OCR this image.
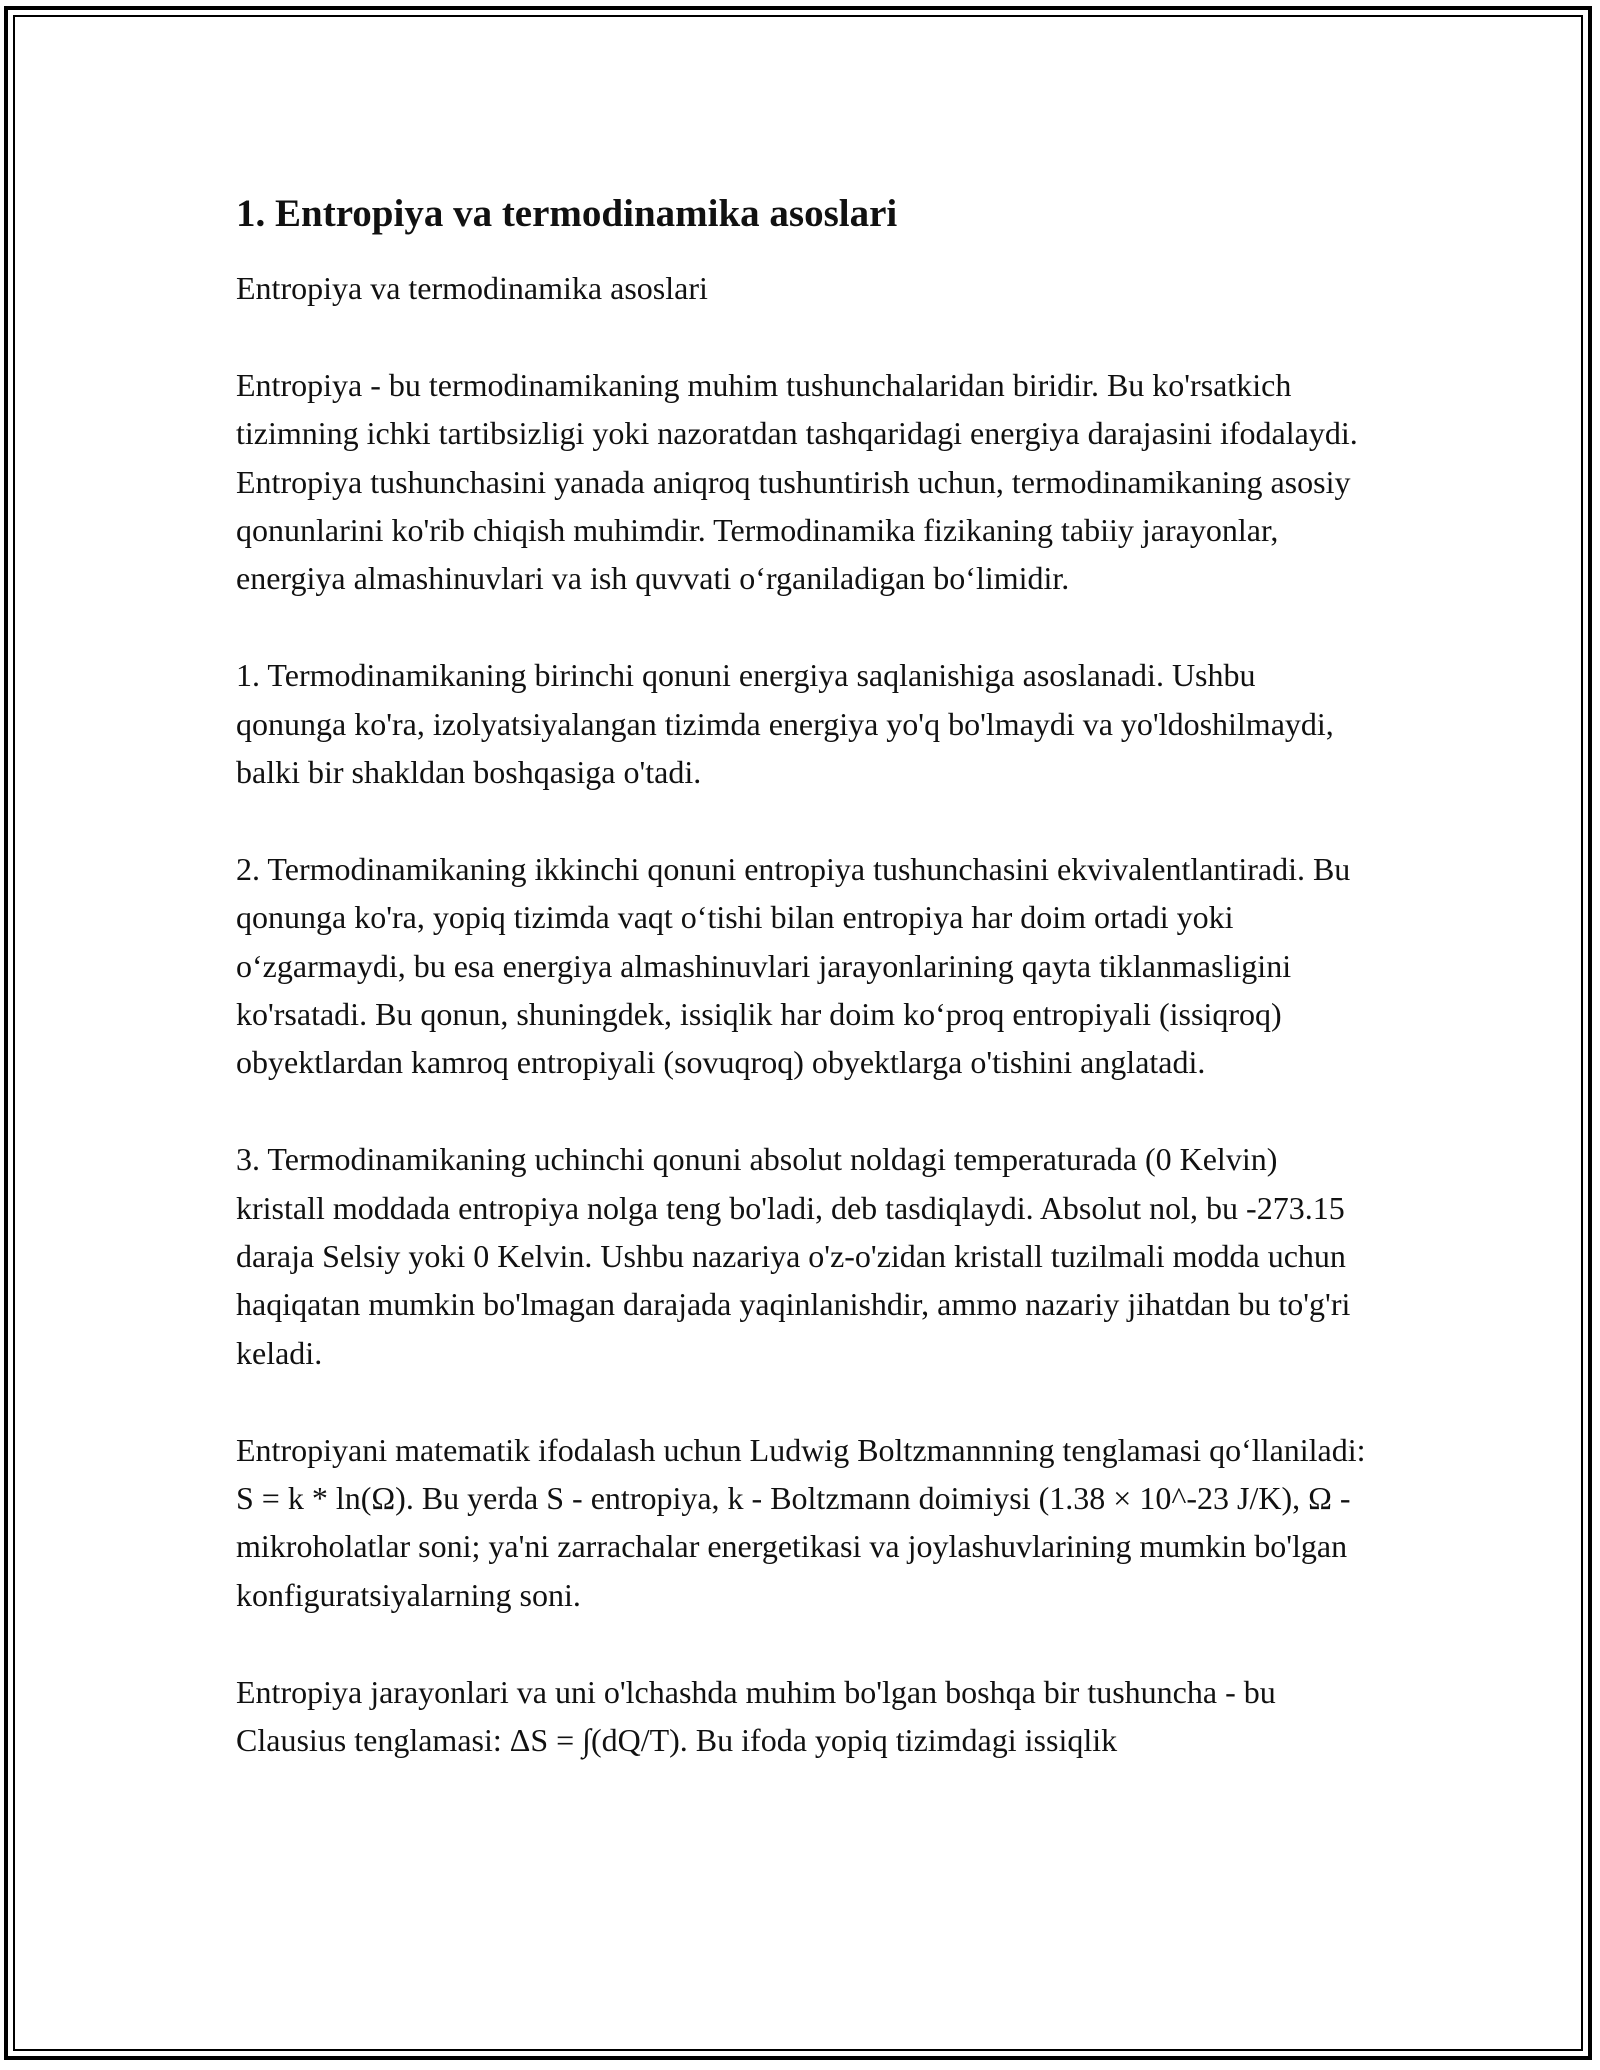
1. Entropiya va termodinamika asoslari

Entropiya va termodinamika asoslari

Entropiya - bu termodinamikaning muhim tushunchalaridan biridir. Bu ko'rsatkich tizimning ichki tartibsizligi yoki nazoratdan tashqaridagi energiya darajasini ifodalaydi. Entropiya tushunchasini yanada aniqroq tushuntirish uchun, termodinamikaning asosiy qonunlarini ko'rib chiqish muhimdir. Termodinamika fizikaning tabiiy jarayonlar, energiya almashinuvlari va ish quvvati o‘rganiladigan bo‘limidir.

1. Termodinamikaning birinchi qonuni energiya saqlanishiga asoslanadi. Ushbu qonunga ko'ra, izolyatsiyalangan tizimda energiya yo'q bo'lmaydi va yo'ldoshilmaydi, balki bir shakldan boshqasiga o'tadi.

2. Termodinamikaning ikkinchi qonuni entropiya tushunchasini ekvivalentlantiradi. Bu qonunga ko'ra, yopiq tizimda vaqt o‘tishi bilan entropiya har doim ortadi yoki o‘zgarmaydi, bu esa energiya almashinuvlari jarayonlarining qayta tiklanmasligini ko'rsatadi. Bu qonun, shuningdek, issiqlik har doim ko‘proq entropiyali (issiqroq) obyektlardan kamroq entropiyali (sovuqroq) obyektlarga o'tishini anglatadi.

3. Termodinamikaning uchinchi qonuni absolut noldagi temperaturada (0 Kelvin) kristall moddada entropiya nolga teng bo'ladi, deb tasdiqlaydi. Absolut nol, bu -273.15 daraja Selsiy yoki 0 Kelvin. Ushbu nazariya o'z-o'zidan kristall tuzilmali modda uchun haqiqatan mumkin bo'lmagan darajada yaqinlanishdir, ammo nazariy jihatdan bu to'g'ri keladi.

Entropiyani matematik ifodalash uchun Ludwig Boltzmannning tenglamasi qo‘llaniladi: S = k * ln(Ω). Bu yerda S - entropiya, k - Boltzmann doimiysi (1.38 × 10^-23 J/K), Ω - mikroholatlar soni; ya'ni zarrachalar energetikasi va joylashuvlarining mumkin bo'lgan konfiguratsiyalarning soni.

Entropiya jarayonlari va uni o'lchashda muhim bo'lgan boshqa bir tushuncha - bu Clausius tenglamasi: ΔS = ∫(dQ/T). Bu ifoda yopiq tizimdagi issiqlik
